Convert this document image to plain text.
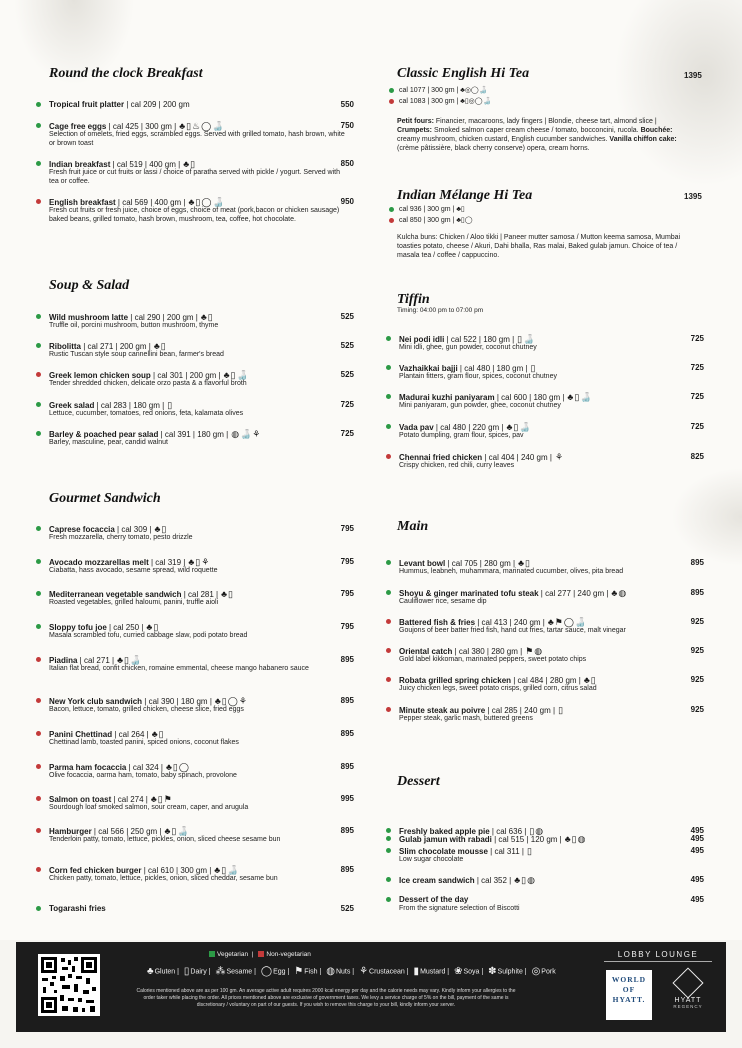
Round the clock Breakfast
Tropical fruit platter | cal 209 | 200 gm	550
Cage free eggs | cal 425 | 300 gm | ♣▯♨◯🍶	750
Selection of omelets, fried eggs, scrambled eggs. Served with grilled tomato, hash brown, white or brown toast
Indian breakfast | cal 519 | 400 gm | ♣▯	850
Fresh fruit juice or cut fruits or lassi / choice of paratha served with pickle / yogurt. Served with tea or coffee.
English breakfast | cal 569 | 400 gm | ♣▯◯🍶	950
Fresh cut fruits or fresh juice, choice of eggs, choice of meat (pork,bacon or chicken sausage) baked beans, grilled tomato, hash brown, mushroom, tea, coffee, hot chocolate.
Soup & Salad
Wild mushroom latte | cal 290 | 200 gm | ♣▯	525
Truffle oil, porcini mushroom, button mushroom, thyme
Ribolitta | cal 271 | 200 gm | ♣▯	525
Rustic Tuscan style soup cannellini bean, farmer's bread
Greek lemon chicken soup | cal 301 | 200 gm | ♣▯🍶	525
Tender shredded chicken, delicate orzo pasta & a flavorful broth
Greek salad | cal 283 | 180 gm | ▯	725
Lettuce, cucumber, tomatoes, red onions, feta, kalamata olives
Barley & poached pear salad | cal 391 | 180 gm | ◍🍶⚘	725
Barley, masculine, pear, candid walnut
Gourmet Sandwich
Caprese focaccia | cal 309 | ♣▯	795
Fresh mozzarella, cherry tomato, pesto drizzle
Avocado mozzarellas melt | cal 319 | ♣▯⚘	795
Ciabatta, hass avocado, sesame spread, wild roquette
Mediterranean vegetable sandwich | cal 281 | ♣▯	795
Roasted vegetables, grilled haloumi, panini, truffle aioli
Sloppy tofu joe | cal 250 | ♣▯	795
Masala scrambled tofu, curried cabbage slaw, podi potato bread
Piadina | cal 271 | ♣▯🍶	895
Italian flat bread, confit chicken, romaine emmental, cheese mango habanero sauce
New York club sandwich | cal 390 | 180 gm | ♣▯◯⚘	895
Bacon, lettuce, tomato, grilled chicken, cheese slice, fried eggs
Panini Chettinad | cal 264 | ♣▯	895
Chettinad lamb, toasted panini, spiced onions, coconut flakes
Parma ham focaccia | cal 324 | ♣▯◯	895
Olive focaccia, oarma ham, tomato, baby spinach, provolone
Salmon on toast | cal 274 | ♣▯⚑	995
Sourdough loaf smoked salmon, sour cream, caper, and arugula
Hamburger | cal 566 | 250 gm | ♣▯🍶	895
Tenderloin patty, tomato, lettuce, pickles, onion, sliced cheese sesame bun
Corn fed chicken burger | cal 610 | 300 gm | ♣▯🍶	895
Chicken patty, tomato, lettuce, pickles, onion, sliced cheddar, sesame bun
Togarashi fries	525
Classic English Hi Tea	1395
cal 1077 | 300 gm | ♣◎◯🍶
cal 1083 | 300 gm | ♣▯◎◯🍶
Petit fours: Financier, macaroons, lady fingers | Blondie, cheese tart, almond slice | Crumpets: Smoked salmon caper cream cheese / tomato, bocconcini, rucola. Bouchée: creamy mushroom, chicken custard, English cucumber sandwiches. Vanilla chiffon cake: (crème pâtissière, black cherry conserve) opera, cream horns.
Indian Mélange Hi Tea	1395
cal 936 | 300 gm | ♣▯
cal 850 | 300 gm | ♣▯◯
Kulcha buns: Chicken / Aloo tikki | Paneer mutter samosa / Mutton keema samosa, Mumbai toasties potato, cheese / Akuri, Dahi bhalla, Ras malai, Baked gulab jamun. Choice of tea / masala tea / coffee / cappuccino.
Tiffin
Timing: 04:00 pm to 07:00 pm
Nei podi idli | cal 522 | 180 gm | ▯🍶	725
Mini idli, ghee, gun powder, coconut chutney
Vazhaikkai bajji | cal 480 | 180 gm | ▯	725
Plantain fitters, gram flour, spices, coconut chutney
Madurai kuzhi paniyaram | cal 600 | 180 gm | ♣▯🍶	725
Mini paniyaram, gun powder, ghee, coconut chutney
Vada pav | cal 480 | 220 gm | ♣▯🍶	725
Potato dumpling, gram flour, spices, pav
Chennai fried chicken | cal 404 | 240 gm | ⚘	825
Crispy chicken, red chili, curry leaves
Main
Levant bowl | cal 705 | 280 gm | ♣▯	895
Hummus, leabneh, muhammara, marinated cucumber, olives, pita bread
Shoyu & ginger marinated tofu steak | cal 277 | 240 gm | ♣◍	895
Cauliflower rice, sesame dip
Battered fish & fries | cal 413 | 240 gm | ♣⚑◯🍶	925
Goujons of beer batter fried fish, hand cut fries, tartar sauce, malt vinegar
Oriental catch | cal 380 | 280 gm | ⚑◍	925
Gold label kikkoman, marinated peppers, sweet potato chips
Robata grilled spring chicken | cal 484 | 280 gm | ♣▯	925
Juicy chicken legs, sweet potato crisps, grilled corn, citrus salad
Minute steak au poivre | cal 285 | 240 gm | ▯	925
Pepper steak, garlic mash, buttered greens
Dessert
Gulab jamun with rabadi | cal 515 | 120 gm | ♣▯◍	495
Freshly baked apple pie | cal 636 | ▯◍	495
Slim chocolate mousse | cal 311 | ▯	495
Low sugar chocolate
Ice cream sandwich | cal 352 | ♣▯◍	495
Dessert of the day	495
From the signature selection of Biscotti
Vegetarian | Non-vegetarian
♣Gluten | ▯Dairy | ⁂Sesame | ◯Egg | ⚑Fish | ◍Nuts | ⚘Crustacean | ▮Mustard | ❀Soya | ✽Sulphite | ◎Pork
Calories mentioned above are as per 100 gm. An average active adult requires 2000 kcal energy per day and the calorie needs may vary. Kindly inform your allergies to the order taker while placing the order. All prices mentioned above are exclusive of government taxes. We levy a service charge of 5% on the bill, payment of the same is discretionary / voluntary on part of our guests. If you wish to remove this charge to your bill, kindly inform your server.
LOBBY LOUNGE
WORLD
OF
HYATT.	HYATT
REGENCY
